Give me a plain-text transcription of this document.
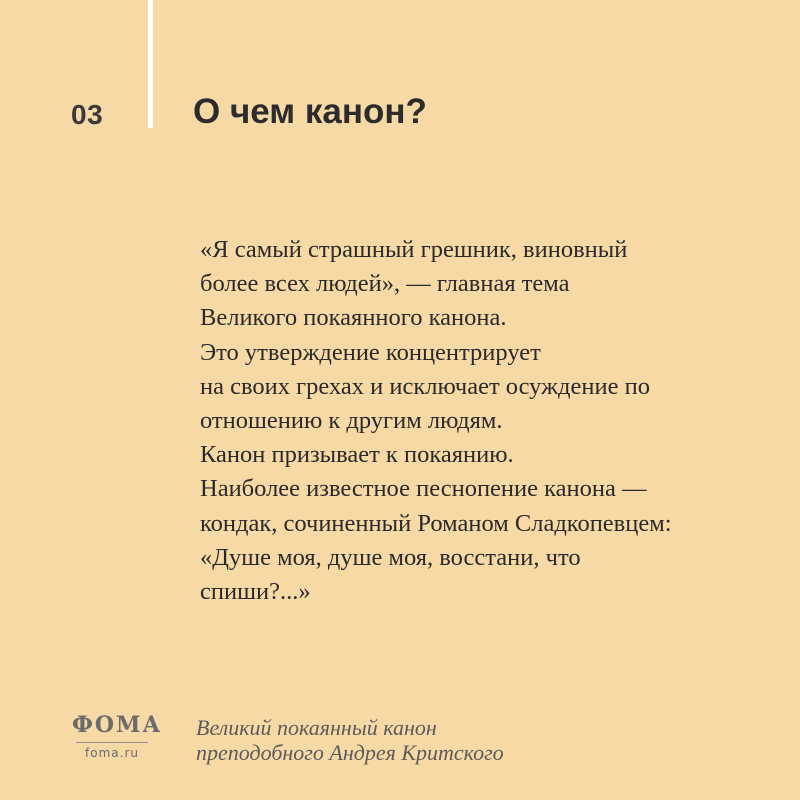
03	О чем канон?
«Я самый страшный грешник, виновный
более всех людей», — главная тема
Великого покаянного канона.
Это утверждение концентрирует
на своих грехах и исключает осуждение по
отношению к другим людям.
Канон призывает к покаянию.
Наиболее известное песнопение канона —
кондак, сочиненный Романом Сладкопевцем:
«Душе моя, душе моя, восстани, что
спиши?...»
ФОМА
foma.ru
Великий покаянный канон
преподобного Андрея Критского
